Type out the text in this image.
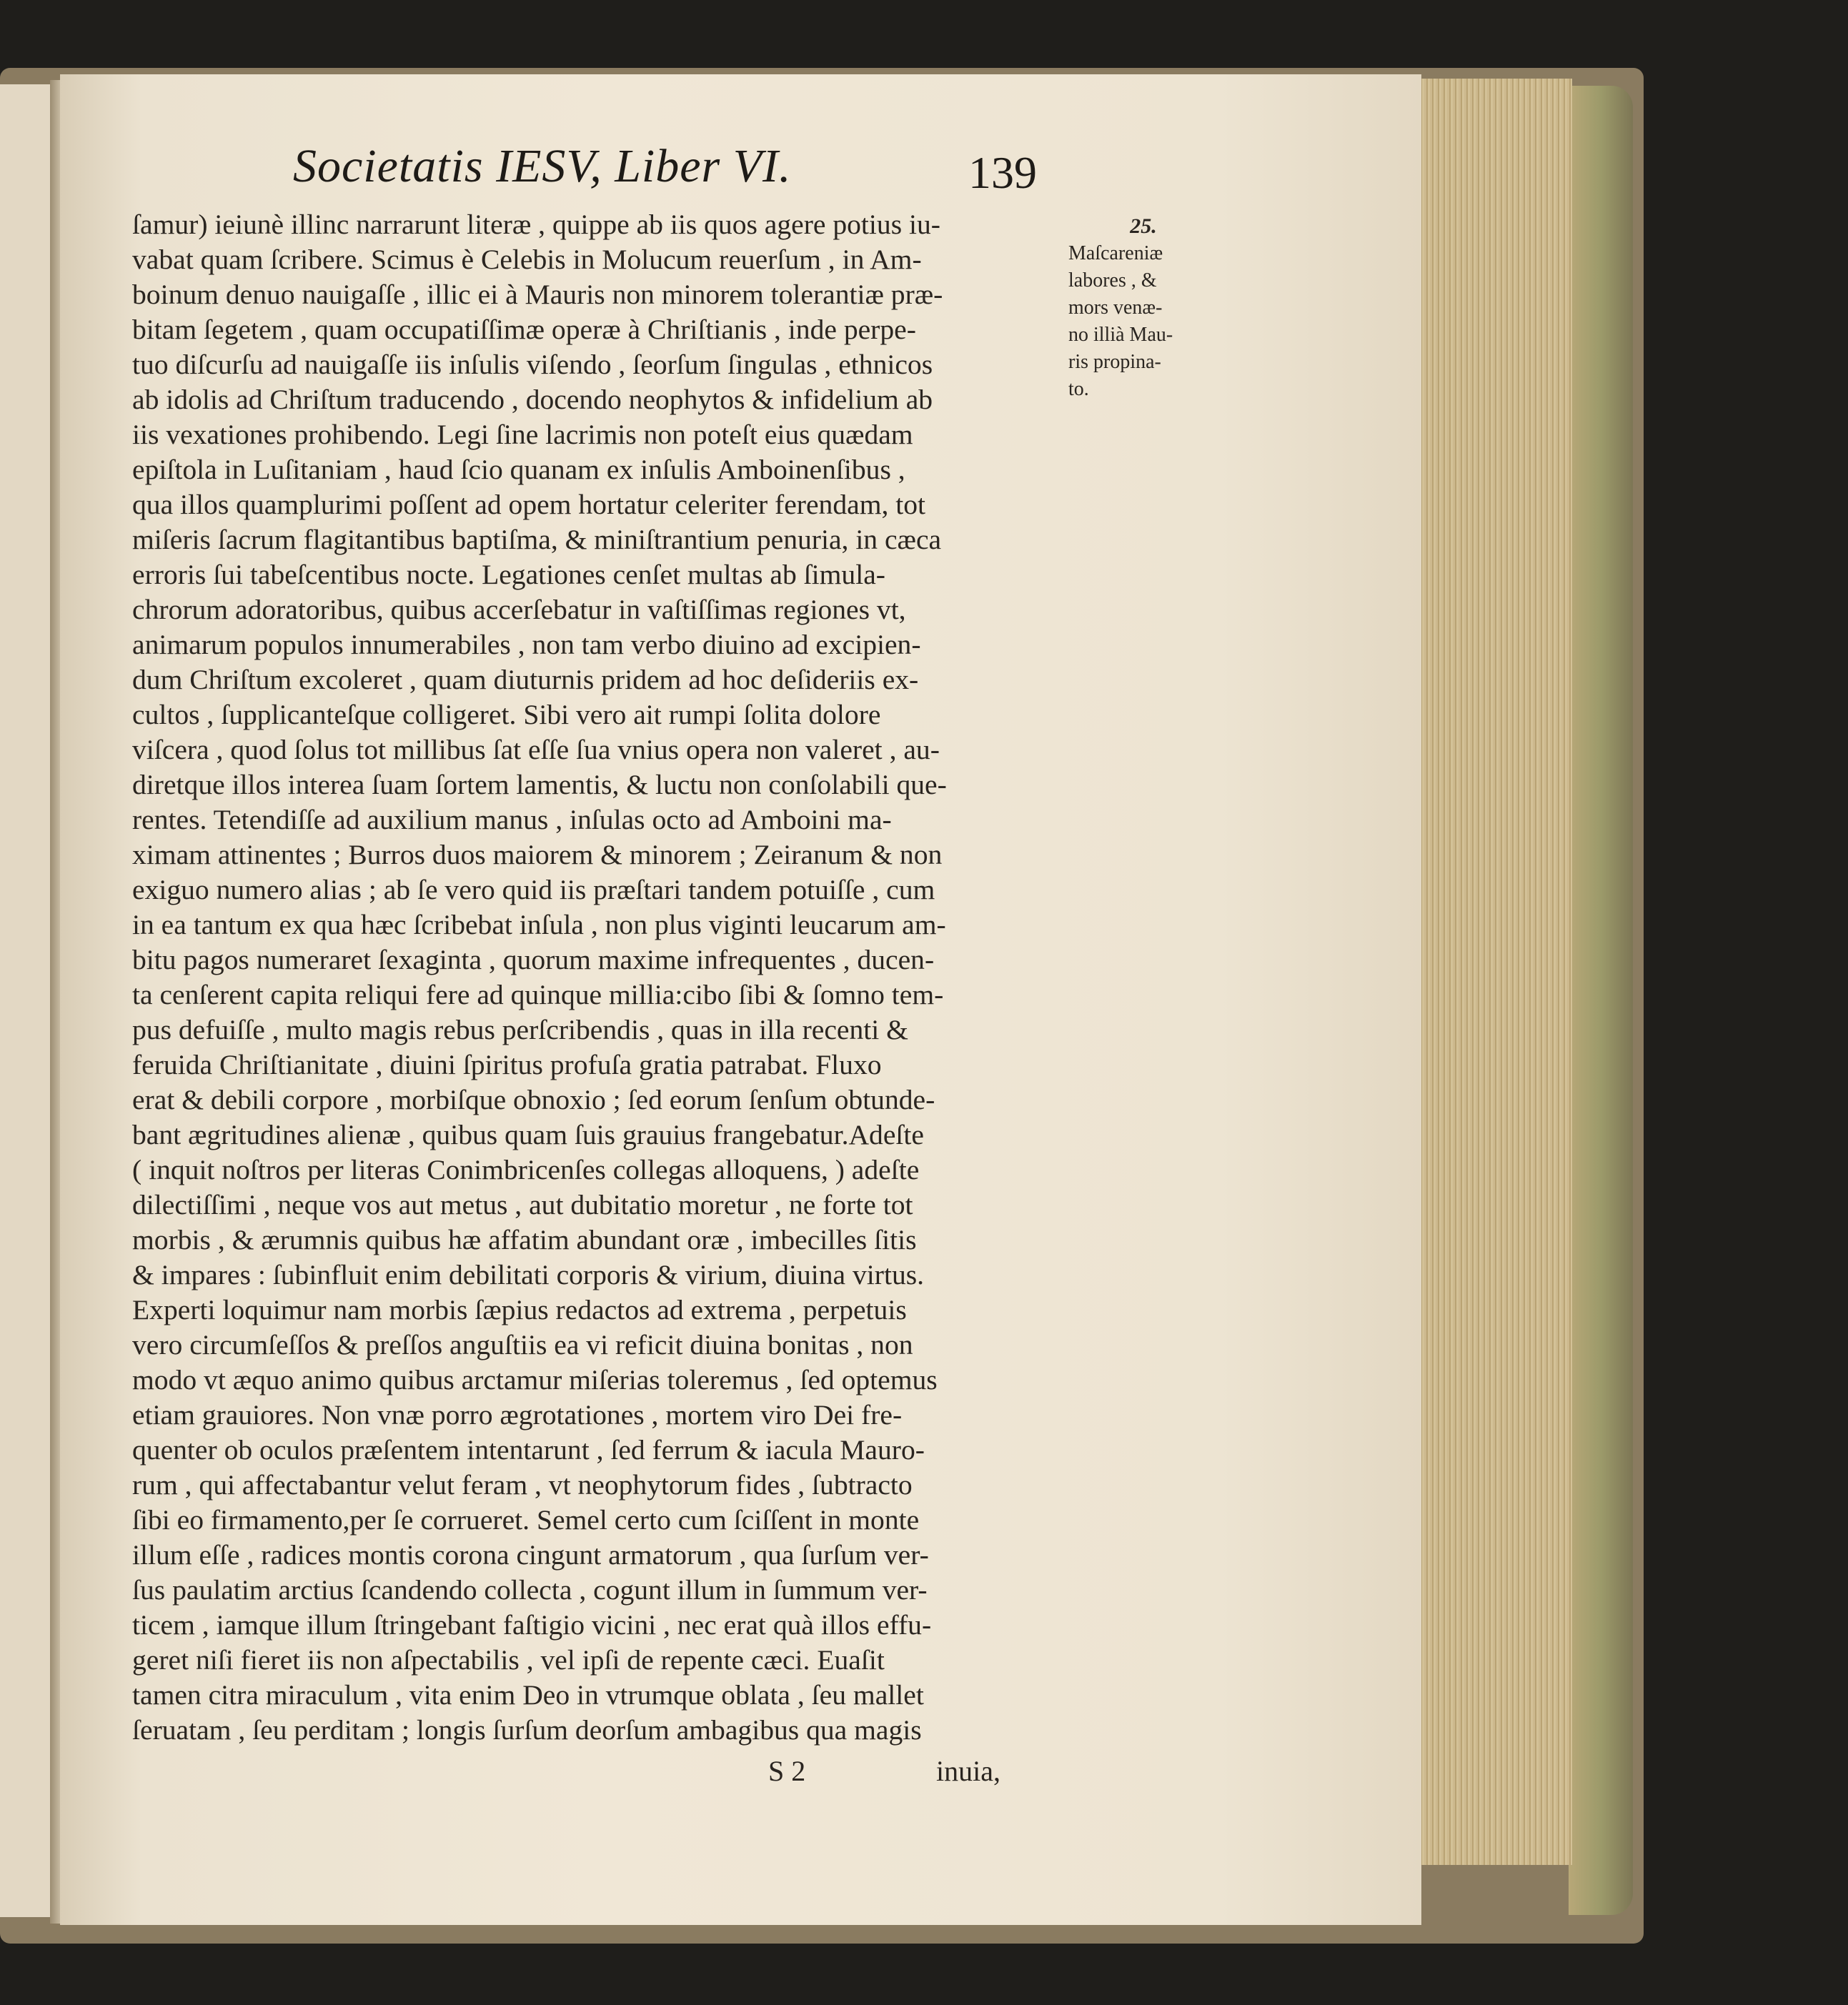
Societatis IESV, Liber VI.	139
ſamur) ieiunè illinc narrarunt literæ , quippe ab iis quos agere potius iu-
vabat quam ſcribere. Scimus è Celebis in Molucum reuerſum , in Am-
boinum denuo nauigaſſe , illic ei à Mauris non minorem tolerantiæ præ-
bitam ſegetem , quam occupatiſſimæ operæ à Chriſtianis , inde perpe-
tuo diſcurſu ad nauigaſſe iis inſulis viſendo , ſeorſum ſingulas , ethnicos
ab idolis ad Chriſtum traducendo , docendo neophytos & infidelium ab
iis vexationes prohibendo. Legi ſine lacrimis non poteſt eius quædam
epiſtola in Luſitaniam , haud ſcio quanam ex inſulis Amboinenſibus ,
qua illos quamplurimi poſſent ad opem hortatur celeriter ferendam, tot
miſeris ſacrum flagitantibus baptiſma, & miniſtrantium penuria, in cæca
erroris ſui tabeſcentibus nocte. Legationes cenſet multas ab ſimula-
chrorum adoratoribus, quibus accerſebatur in vaſtiſſimas regiones vt,
animarum populos innumerabiles , non tam verbo diuino ad excipien-
dum Chriſtum excoleret , quam diuturnis pridem ad hoc deſideriis ex-
cultos , ſupplicanteſque colligeret. Sibi vero ait rumpi ſolita dolore
viſcera , quod ſolus tot millibus ſat eſſe ſua vnius opera non valeret , au-
diretque illos interea ſuam ſortem lamentis, & luctu non conſolabili que-
rentes. Tetendiſſe ad auxilium manus , inſulas octo ad Amboini ma-
ximam attinentes ; Burros duos maiorem & minorem ; Zeiranum & non
exiguo numero alias ; ab ſe vero quid iis præſtari tandem potuiſſe , cum
in ea tantum ex qua hæc ſcribebat inſula , non plus viginti leucarum am-
bitu pagos numeraret ſexaginta , quorum maxime infrequentes , ducen-
ta cenſerent capita reliqui fere ad quinque millia:cibo ſibi & ſomno tem-
pus defuiſſe , multo magis rebus perſcribendis , quas in illa recenti &
feruida Chriſtianitate , diuini ſpiritus profuſa gratia patrabat. Fluxo
erat & debili corpore , morbiſque obnoxio ; ſed eorum ſenſum obtunde-
bant ægritudines alienæ , quibus quam ſuis grauius frangebatur.Adeſte
( inquit noſtros per literas Conimbricenſes collegas alloquens, ) adeſte
dilectiſſimi , neque vos aut metus , aut dubitatio moretur , ne forte tot
morbis , & ærumnis quibus hæ affatim abundant oræ , imbecilles ſitis
& impares : ſubinfluit enim debilitati corporis & virium, diuina virtus.
Experti loquimur nam morbis ſæpius redactos ad extrema , perpetuis
vero circumſeſſos & preſſos anguſtiis ea vi reficit diuina bonitas , non
modo vt æquo animo quibus arctamur miſerias toleremus , ſed optemus
etiam grauiores. Non vnæ porro ægrotationes , mortem viro Dei fre-
quenter ob oculos præſentem intentarunt , ſed ferrum & iacula Mauro-
rum , qui affectabantur velut feram , vt neophytorum fides , ſubtracto
ſibi eo firmamento,per ſe corrueret. Semel certo cum ſciſſent in monte
illum eſſe , radices montis corona cingunt armatorum , qua ſurſum ver-
ſus paulatim arctius ſcandendo collecta , cogunt illum in ſummum ver-
ticem , iamque illum ſtringebant faſtigio vicini , nec erat quà illos effu-
geret niſi fieret iis non aſpectabilis , vel ipſi de repente cæci. Euaſit
tamen citra miraculum , vita enim Deo in vtrumque oblata , ſeu mallet
ſeruatam , ſeu perditam ; longis ſurſum deorſum ambagibus qua magis
25.
Maſcareniæ
labores , &
mors venæ-
no illià Mau-
ris propina-
to.
S 2	inuia,
